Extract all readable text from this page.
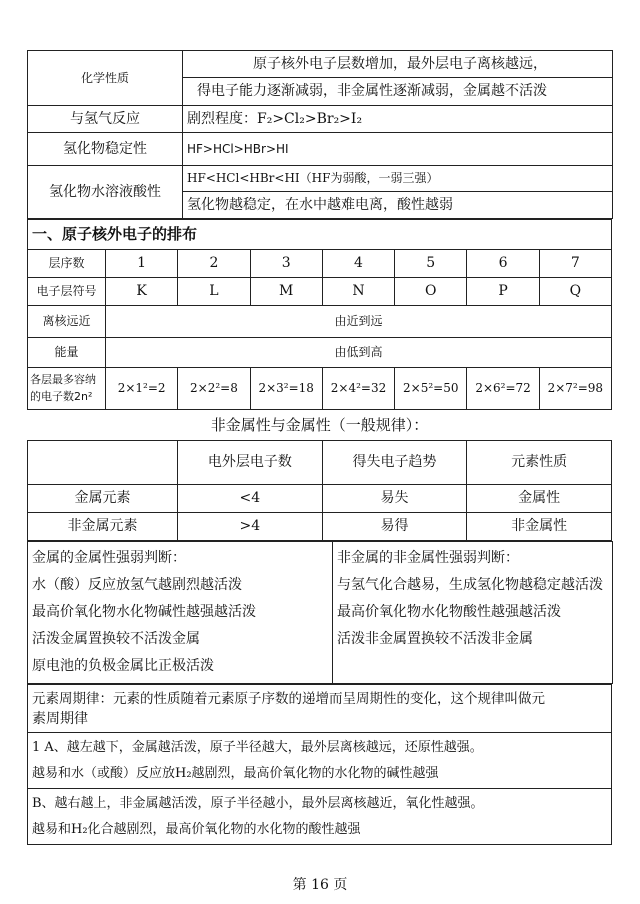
化学性质	原子核外电子层数增加，最外层电子离核越远，
得电子能力逐渐减弱，非金属性逐渐减弱，金属越不活泼

与氢气反应	剧烈程度：F₂>Cl₂>Br₂>I₂
氢化物稳定性	HF>HCl>HBr>HI
氢化物水溶液酸性	HF<HCl<HBr<HI（HF为弱酸，一弱三强）
氢化物越稳定，在水中越难电离，酸性越弱
一、原子核外电子的排布							
层序数	1	2	3	4	5	6	7
电子层符号	K	L	M	N	O	P	Q
离核远近	由近到远						
能量	由低到高						

各层最多容纳
的电子数2n²	2×1²=2	2×2²=8	2×3²=18	2×4²=32	2×5²=50	2×6²=72	2×7²=98
非金属性与金属性（一般规律）：
	电外层电子数	得失电子趋势	元素性质
金属元素	<4	易失	金属性
非金属元素	>4	易得	非金属性
金属的金属性强弱判断：
水（酸）反应放氢气越剧烈越活泼
最高价氧化物水化物碱性越强越活泼
活泼金属置换较不活泼金属
原电池的负极金属比正极活泼

非金属的非金属性强弱判断：
与氢气化合越易，生成氢化物越稳定越活泼
最高价氧化物水化物酸性越强越活泼
活泼非金属置换较不活泼非金属
元素周期律：元素的性质随着元素原子序数的递增而呈周期性的变化，这个规律叫做元
素周期律

1 A、越左越下，金属越活泼，原子半径越大，最外层离核越远，还原性越强。
越易和水（或酸）反应放H₂越剧烈，最高价氧化物的水化物的碱性越强

B、越右越上，非金属越活泼，原子半径越小，最外层离核越近，氧化性越强。
越易和H₂化合越剧烈，最高价氧化物的水化物的酸性越强
第 16 页
